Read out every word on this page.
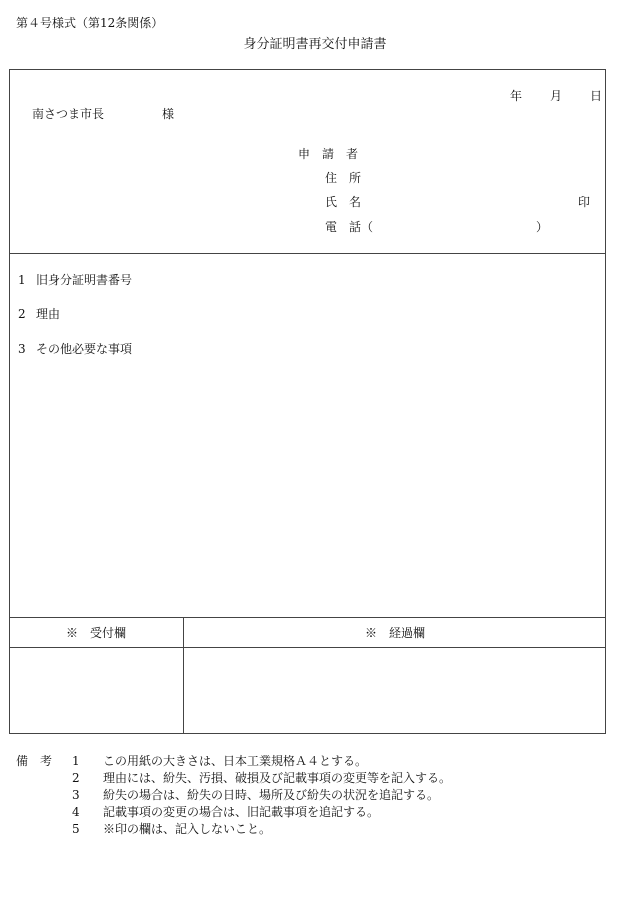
第４号様式（第12条関係）
身分証明書再交付申請書
年 月 日
南さつま市長	様
申　請　者
住　所
氏　名	印
電　話（	）
1 旧身分証明書番号
2 理由
3 その他必要な事項
※　受付欄	※　経過欄
備　考 1 この用紙の大きさは、日本工業規格Ａ４とする。
2 理由には、紛失、汚損、破損及び記載事項の変更等を記入する。
3 紛失の場合は、紛失の日時、場所及び紛失の状況を追記する。
4 記載事項の変更の場合は、旧記載事項を追記する。
5 ※印の欄は、記入しないこと。
